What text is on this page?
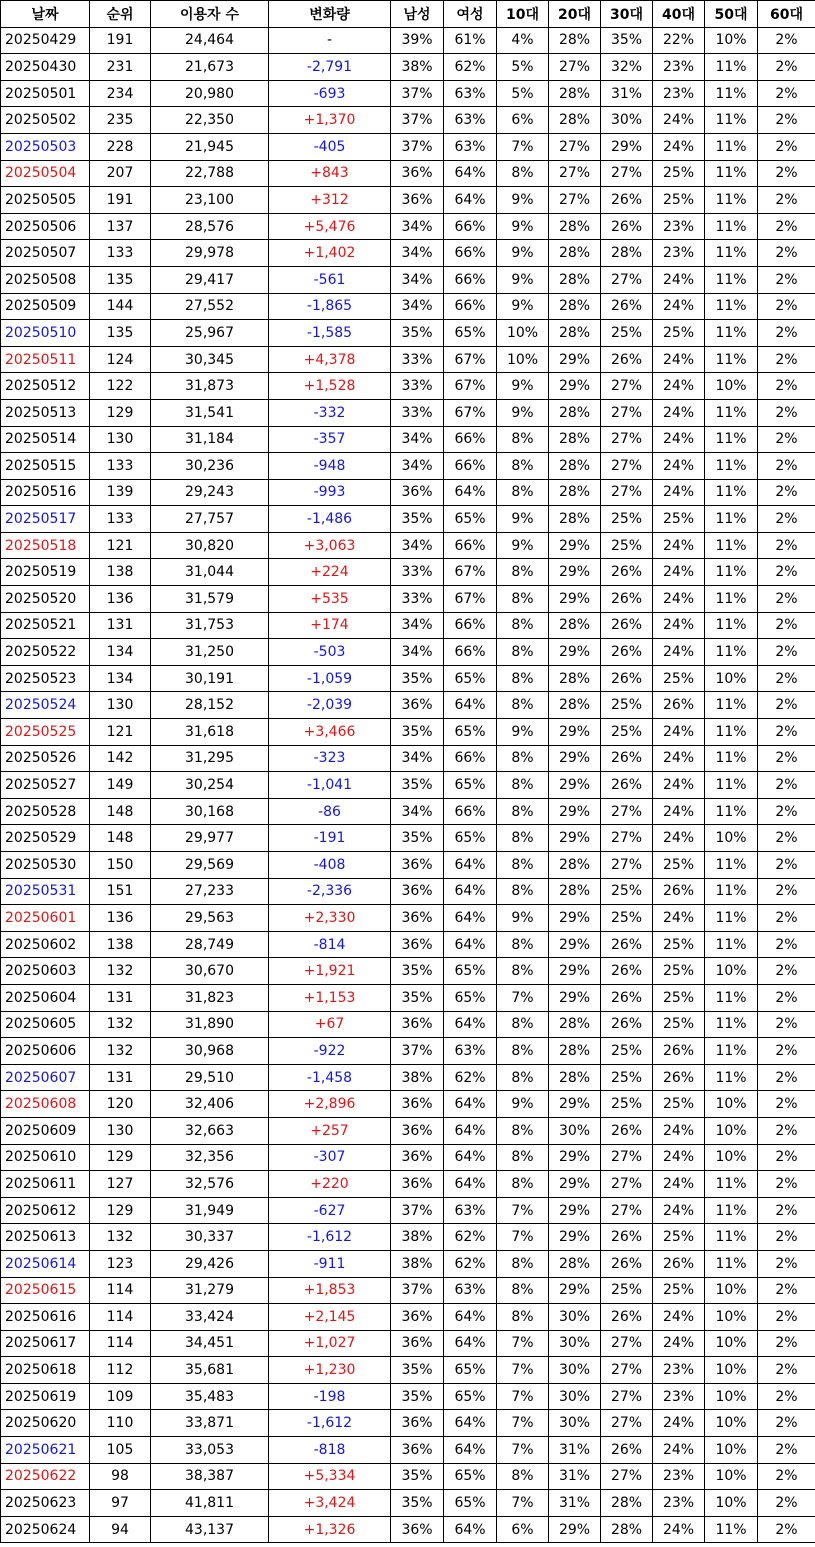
날짜	순위	이용자 수	변화량	남성	여성	10대	20대	30대	40대	50대	60대
20250429	191	24,464	-	39%	61%	4%	28%	35%	22%	10%	2%
20250430	231	21,673	-2,791	38%	62%	5%	27%	32%	23%	11%	2%
20250501	234	20,980	-693	37%	63%	5%	28%	31%	23%	11%	2%
20250502	235	22,350	+1,370	37%	63%	6%	28%	30%	24%	11%	2%
20250503	228	21,945	-405	37%	63%	7%	27%	29%	24%	11%	2%
20250504	207	22,788	+843	36%	64%	8%	27%	27%	25%	11%	2%
20250505	191	23,100	+312	36%	64%	9%	27%	26%	25%	11%	2%
20250506	137	28,576	+5,476	34%	66%	9%	28%	26%	23%	11%	2%
20250507	133	29,978	+1,402	34%	66%	9%	28%	28%	23%	11%	2%
20250508	135	29,417	-561	34%	66%	9%	28%	27%	24%	11%	2%
20250509	144	27,552	-1,865	34%	66%	9%	28%	26%	24%	11%	2%
20250510	135	25,967	-1,585	35%	65%	10%	28%	25%	25%	11%	2%
20250511	124	30,345	+4,378	33%	67%	10%	29%	26%	24%	11%	2%
20250512	122	31,873	+1,528	33%	67%	9%	29%	27%	24%	10%	2%
20250513	129	31,541	-332	33%	67%	9%	28%	27%	24%	11%	2%
20250514	130	31,184	-357	34%	66%	8%	28%	27%	24%	11%	2%
20250515	133	30,236	-948	34%	66%	8%	28%	27%	24%	11%	2%
20250516	139	29,243	-993	36%	64%	8%	28%	27%	24%	11%	2%
20250517	133	27,757	-1,486	35%	65%	9%	28%	25%	25%	11%	2%
20250518	121	30,820	+3,063	34%	66%	9%	29%	25%	24%	11%	2%
20250519	138	31,044	+224	33%	67%	8%	29%	26%	24%	11%	2%
20250520	136	31,579	+535	33%	67%	8%	29%	26%	24%	11%	2%
20250521	131	31,753	+174	34%	66%	8%	28%	26%	24%	11%	2%
20250522	134	31,250	-503	34%	66%	8%	29%	26%	24%	11%	2%
20250523	134	30,191	-1,059	35%	65%	8%	28%	26%	25%	10%	2%
20250524	130	28,152	-2,039	36%	64%	8%	28%	25%	26%	11%	2%
20250525	121	31,618	+3,466	35%	65%	9%	29%	25%	24%	11%	2%
20250526	142	31,295	-323	34%	66%	8%	29%	26%	24%	11%	2%
20250527	149	30,254	-1,041	35%	65%	8%	29%	26%	24%	11%	2%
20250528	148	30,168	-86	34%	66%	8%	29%	27%	24%	11%	2%
20250529	148	29,977	-191	35%	65%	8%	29%	27%	24%	10%	2%
20250530	150	29,569	-408	36%	64%	8%	28%	27%	25%	11%	2%
20250531	151	27,233	-2,336	36%	64%	8%	28%	25%	26%	11%	2%
20250601	136	29,563	+2,330	36%	64%	9%	29%	25%	24%	11%	2%
20250602	138	28,749	-814	36%	64%	8%	29%	26%	25%	11%	2%
20250603	132	30,670	+1,921	35%	65%	8%	29%	26%	25%	10%	2%
20250604	131	31,823	+1,153	35%	65%	7%	29%	26%	25%	11%	2%
20250605	132	31,890	+67	36%	64%	8%	28%	26%	25%	11%	2%
20250606	132	30,968	-922	37%	63%	8%	28%	25%	26%	11%	2%
20250607	131	29,510	-1,458	38%	62%	8%	28%	25%	26%	11%	2%
20250608	120	32,406	+2,896	36%	64%	9%	29%	25%	25%	10%	2%
20250609	130	32,663	+257	36%	64%	8%	30%	26%	24%	10%	2%
20250610	129	32,356	-307	36%	64%	8%	29%	27%	24%	10%	2%
20250611	127	32,576	+220	36%	64%	8%	29%	27%	24%	11%	2%
20250612	129	31,949	-627	37%	63%	7%	29%	27%	24%	11%	2%
20250613	132	30,337	-1,612	38%	62%	7%	29%	26%	25%	11%	2%
20250614	123	29,426	-911	38%	62%	8%	28%	26%	26%	11%	2%
20250615	114	31,279	+1,853	37%	63%	8%	29%	25%	25%	10%	2%
20250616	114	33,424	+2,145	36%	64%	8%	30%	26%	24%	10%	2%
20250617	114	34,451	+1,027	36%	64%	7%	30%	27%	24%	10%	2%
20250618	112	35,681	+1,230	35%	65%	7%	30%	27%	23%	10%	2%
20250619	109	35,483	-198	35%	65%	7%	30%	27%	23%	10%	2%
20250620	110	33,871	-1,612	36%	64%	7%	30%	27%	24%	10%	2%
20250621	105	33,053	-818	36%	64%	7%	31%	26%	24%	10%	2%
20250622	98	38,387	+5,334	35%	65%	8%	31%	27%	23%	10%	2%
20250623	97	41,811	+3,424	35%	65%	7%	31%	28%	23%	10%	2%
20250624	94	43,137	+1,326	36%	64%	6%	29%	28%	24%	11%	2%
